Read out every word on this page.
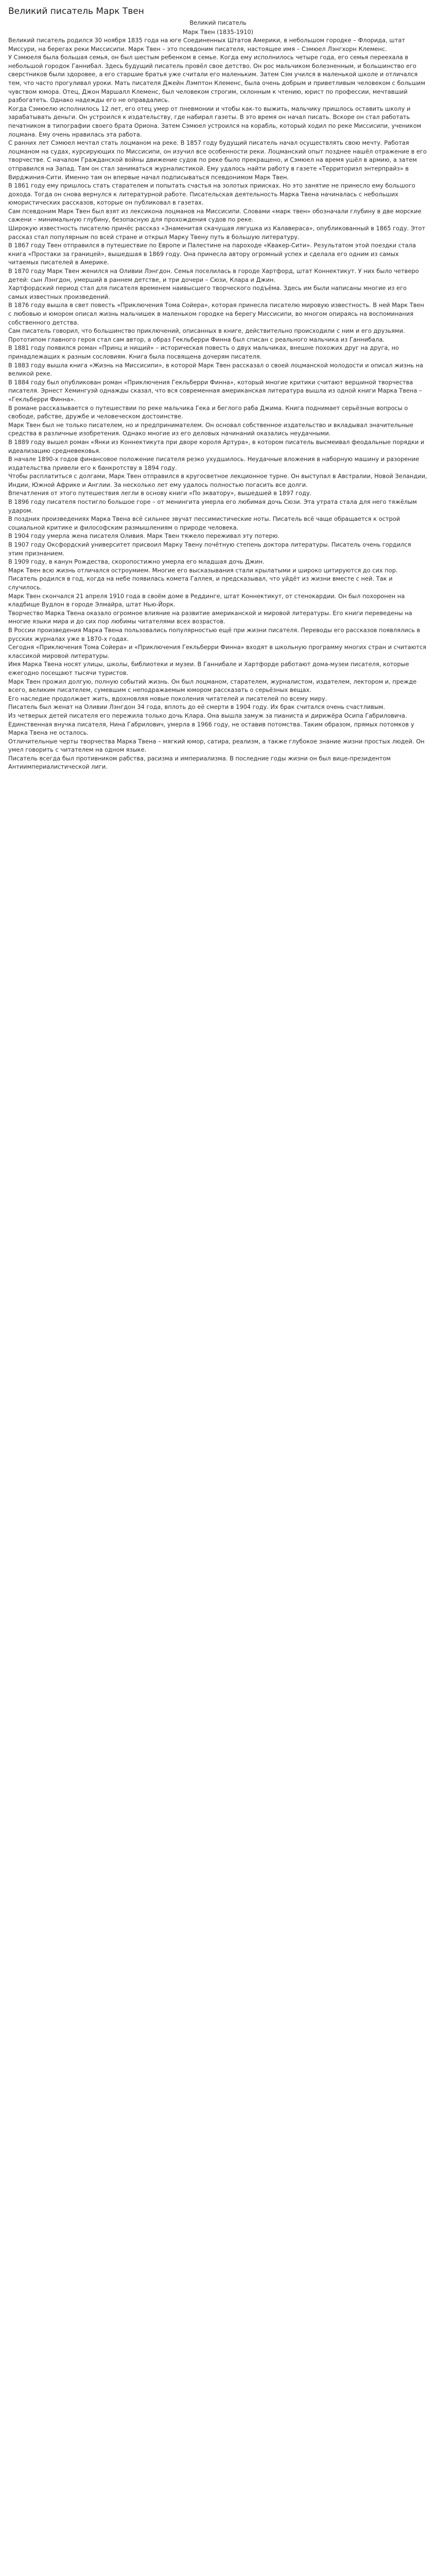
Великий писатель Марк Твен
Великий писатель
Марк Твен (1835-1910)

Великий писатель родился 30 ноября 1835 года на юге Соединенных Штатов Америки, в небольшом городке – Флорида, штат Миссури, на берегах реки Миссисипи. Марк Твен – это псевдоним писателя, настоящее имя – Сэмюел Лэнгхорн Клеменс.

У Сэмюеля была большая семья, он был шестым ребенком в семье. Когда ему исполнилось четыре года, его семья переехала в небольшой городок Ганнибал. Здесь будущий писатель провёл свое детство. Он рос мальчиком болезненным, и большинство его сверстников были здоровее, а его старшие братья уже считали его маленьким. Затем Сэм учился в маленькой школе и отличался тем, что часто прогуливал уроки. Мать писателя Джейн Лэмптон Клеменс, была очень добрым и приветливым человеком с большим чувством юмора. Отец, Джон Маршалл Клеменс, был человеком строгим, склонным к чтению, юрист по профессии, мечтавший разбогатеть. Однако надежды его не оправдались.

Когда Сэмюелю исполнилось 12 лет, его отец умер от пневмонии и чтобы как-то выжить, мальчику пришлось оставить школу и зарабатывать деньги. Он устроился к издательству, где набирал газеты. В это время он начал писать. Вскоре он стал работать печатником в типографии своего брата Ориона. Затем Сэмюел устроился на корабль, который ходил по реке Миссисипи, учеником лоцмана. Ему очень нравилась эта работа.

С ранних лет Сэмюел мечтал стать лоцманом на реке. В 1857 году будущий писатель начал осуществлять свою мечту. Работая лоцманом на судах, курсирующих по Миссисипи, он изучил все особенности реки. Лоцманский опыт позднее нашёл отражение в его творчестве. С началом Гражданской войны движение судов по реке было прекращено, и Сэмюел на время ушёл в армию, а затем отправился на Запад. Там он стал заниматься журналистикой. Ему удалось найти работу в газете «Территориэл энтерпрайз» в Вирджиния-Сити. Именно там он впервые начал подписываться псевдонимом Марк Твен.

В 1861 году ему пришлось стать старателем и попытать счастья на золотых приисках. Но это занятие не принесло ему большого дохода. Тогда он снова вернулся к литературной работе. Писательская деятельность Марка Твена начиналась с небольших юмористических рассказов, которые он публиковал в газетах.

Сам псевдоним Марк Твен был взят из лексикона лоцманов на Миссисипи. Словами «марк твен» обозначали глубину в две морские сажени – минимальную глубину, безопасную для прохождения судов по реке.

Широкую известность писателю принёс рассказ «Знаменитая скачущая лягушка из Калавераса», опубликованный в 1865 году. Этот рассказ стал популярным по всей стране и открыл Марку Твену путь в большую литературу.

В 1867 году Твен отправился в путешествие по Европе и Палестине на пароходе «Квакер-Сити». Результатом этой поездки стала книга «Простаки за границей», вышедшая в 1869 году. Она принесла автору огромный успех и сделала его одним из самых читаемых писателей в Америке.

В 1870 году Марк Твен женился на Оливии Лэнгдон. Семья поселилась в городе Хартфорд, штат Коннектикут. У них было четверо детей: сын Лэнгдон, умерший в раннем детстве, и три дочери – Сюзи, Клара и Джин.

Хартфордский период стал для писателя временем наивысшего творческого подъёма. Здесь им были написаны многие из его самых известных произведений.

В 1876 году вышла в свет повесть «Приключения Тома Сойера», которая принесла писателю мировую известность. В ней Марк Твен с любовью и юмором описал жизнь мальчишек в маленьком городке на берегу Миссисипи, во многом опираясь на воспоминания собственного детства.

Сам писатель говорил, что большинство приключений, описанных в книге, действительно происходили с ним и его друзьями. Прототипом главного героя стал сам автор, а образ Гекльберри Финна был списан с реального мальчика из Ганнибала.

В 1881 году появился роман «Принц и нищий» – историческая повесть о двух мальчиках, внешне похожих друг на друга, но принадлежащих к разным сословиям. Книга была посвящена дочерям писателя.

В 1883 году вышла книга «Жизнь на Миссисипи», в которой Марк Твен рассказал о своей лоцманской молодости и описал жизнь на великой реке.

В 1884 году был опубликован роман «Приключения Гекльберри Финна», который многие критики считают вершиной творчества писателя. Эрнест Хемингуэй однажды сказал, что вся современная американская литература вышла из одной книги Марка Твена – «Гекльберри Финна».

В романе рассказывается о путешествии по реке мальчика Гека и беглого раба Джима. Книга поднимает серьёзные вопросы о свободе, рабстве, дружбе и человеческом достоинстве.

Марк Твен был не только писателем, но и предпринимателем. Он основал собственное издательство и вкладывал значительные средства в различные изобретения. Однако многие из его деловых начинаний оказались неудачными.

В 1889 году вышел роман «Янки из Коннектикута при дворе короля Артура», в котором писатель высмеивал феодальные порядки и идеализацию средневековья.

В начале 1890-х годов финансовое положение писателя резко ухудшилось. Неудачные вложения в наборную машину и разорение издательства привели его к банкротству в 1894 году.

Чтобы расплатиться с долгами, Марк Твен отправился в кругосветное лекционное турне. Он выступал в Австралии, Новой Зеландии, Индии, Южной Африке и Англии. За несколько лет ему удалось полностью погасить все долги.

Впечатления от этого путешествия легли в основу книги «По экватору», вышедшей в 1897 году.

В 1896 году писателя постигло большое горе – от менингита умерла его любимая дочь Сюзи. Эта утрата стала для него тяжёлым ударом.

В поздних произведениях Марка Твена всё сильнее звучат пессимистические ноты. Писатель всё чаще обращается к острой социальной критике и философским размышлениям о природе человека.

В 1904 году умерла жена писателя Оливия. Марк Твен тяжело переживал эту потерю.

В 1907 году Оксфордский университет присвоил Марку Твену почётную степень доктора литературы. Писатель очень гордился этим признанием.

В 1909 году, в канун Рождества, скоропостижно умерла его младшая дочь Джин.

Марк Твен всю жизнь отличался остроумием. Многие его высказывания стали крылатыми и широко цитируются до сих пор.

Писатель родился в год, когда на небе появилась комета Галлея, и предсказывал, что уйдёт из жизни вместе с ней. Так и случилось.

Марк Твен скончался 21 апреля 1910 года в своём доме в Реддинге, штат Коннектикут, от стенокардии. Он был похоронен на кладбище Вудлон в городе Элмайра, штат Нью-Йорк.

Творчество Марка Твена оказало огромное влияние на развитие американской и мировой литературы. Его книги переведены на многие языки мира и до сих пор любимы читателями всех возрастов.

В России произведения Марка Твена пользовались популярностью ещё при жизни писателя. Переводы его рассказов появлялись в русских журналах уже в 1870-х годах.

Сегодня «Приключения Тома Сойера» и «Приключения Гекльберри Финна» входят в школьную программу многих стран и считаются классикой мировой литературы.

Имя Марка Твена носят улицы, школы, библиотеки и музеи. В Ганнибале и Хартфорде работают дома-музеи писателя, которые ежегодно посещают тысячи туристов.

Марк Твен прожил долгую, полную событий жизнь. Он был лоцманом, старателем, журналистом, издателем, лектором и, прежде всего, великим писателем, сумевшим с неподражаемым юмором рассказать о серьёзных вещах.

Его наследие продолжает жить, вдохновляя новые поколения читателей и писателей по всему миру.

Писатель был женат на Оливии Лэнгдон 34 года, вплоть до её смерти в 1904 году. Их брак считался очень счастливым.

Из четверых детей писателя его пережила только дочь Клара. Она вышла замуж за пианиста и дирижёра Осипа Габриловича.

Единственная внучка писателя, Нина Габрилович, умерла в 1966 году, не оставив потомства. Таким образом, прямых потомков у Марка Твена не осталось.

Отличительные черты творчества Марка Твена – мягкий юмор, сатира, реализм, а также глубокое знание жизни простых людей. Он умел говорить с читателем на одном языке.

Писатель всегда был противником рабства, расизма и империализма. В последние годы жизни он был вице-президентом Антиимпериалистической лиги.
